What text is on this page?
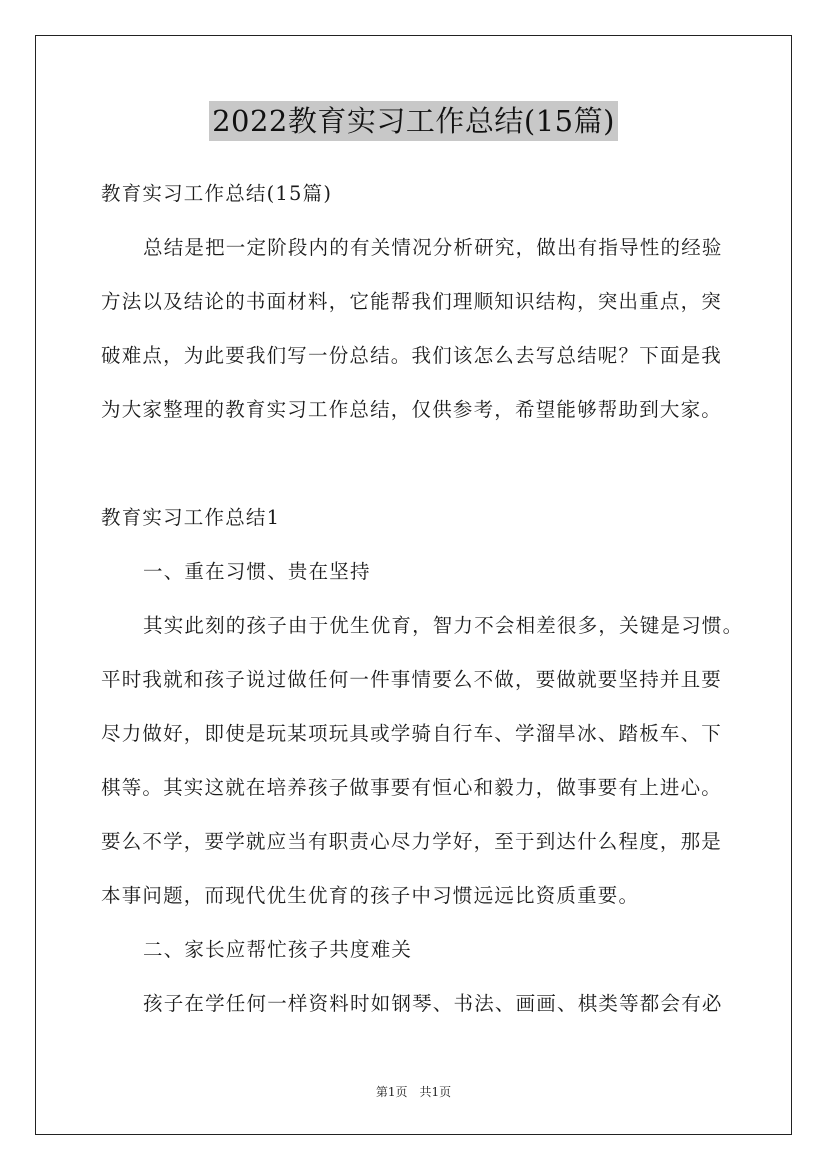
2022教育实习工作总结(15篇)
教育实习工作总结(15篇)
总结是把一定阶段内的有关情况分析研究，做出有指导性的经验
方法以及结论的书面材料，它能帮我们理顺知识结构，突出重点，突
破难点，为此要我们写一份总结。我们该怎么去写总结呢？下面是我
为大家整理的教育实习工作总结，仅供参考，希望能够帮助到大家。
教育实习工作总结1
一、重在习惯、贵在坚持
其实此刻的孩子由于优生优育，智力不会相差很多，关键是习惯。
平时我就和孩子说过做任何一件事情要么不做，要做就要坚持并且要
尽力做好，即使是玩某项玩具或学骑自行车、学溜旱冰、踏板车、下
棋等。其实这就在培养孩子做事要有恒心和毅力，做事要有上进心。
要么不学，要学就应当有职责心尽力学好，至于到达什么程度，那是
本事问题，而现代优生优育的孩子中习惯远远比资质重要。
二、家长应帮忙孩子共度难关
孩子在学任何一样资料时如钢琴、书法、画画、棋类等都会有必
第1页　共1页
